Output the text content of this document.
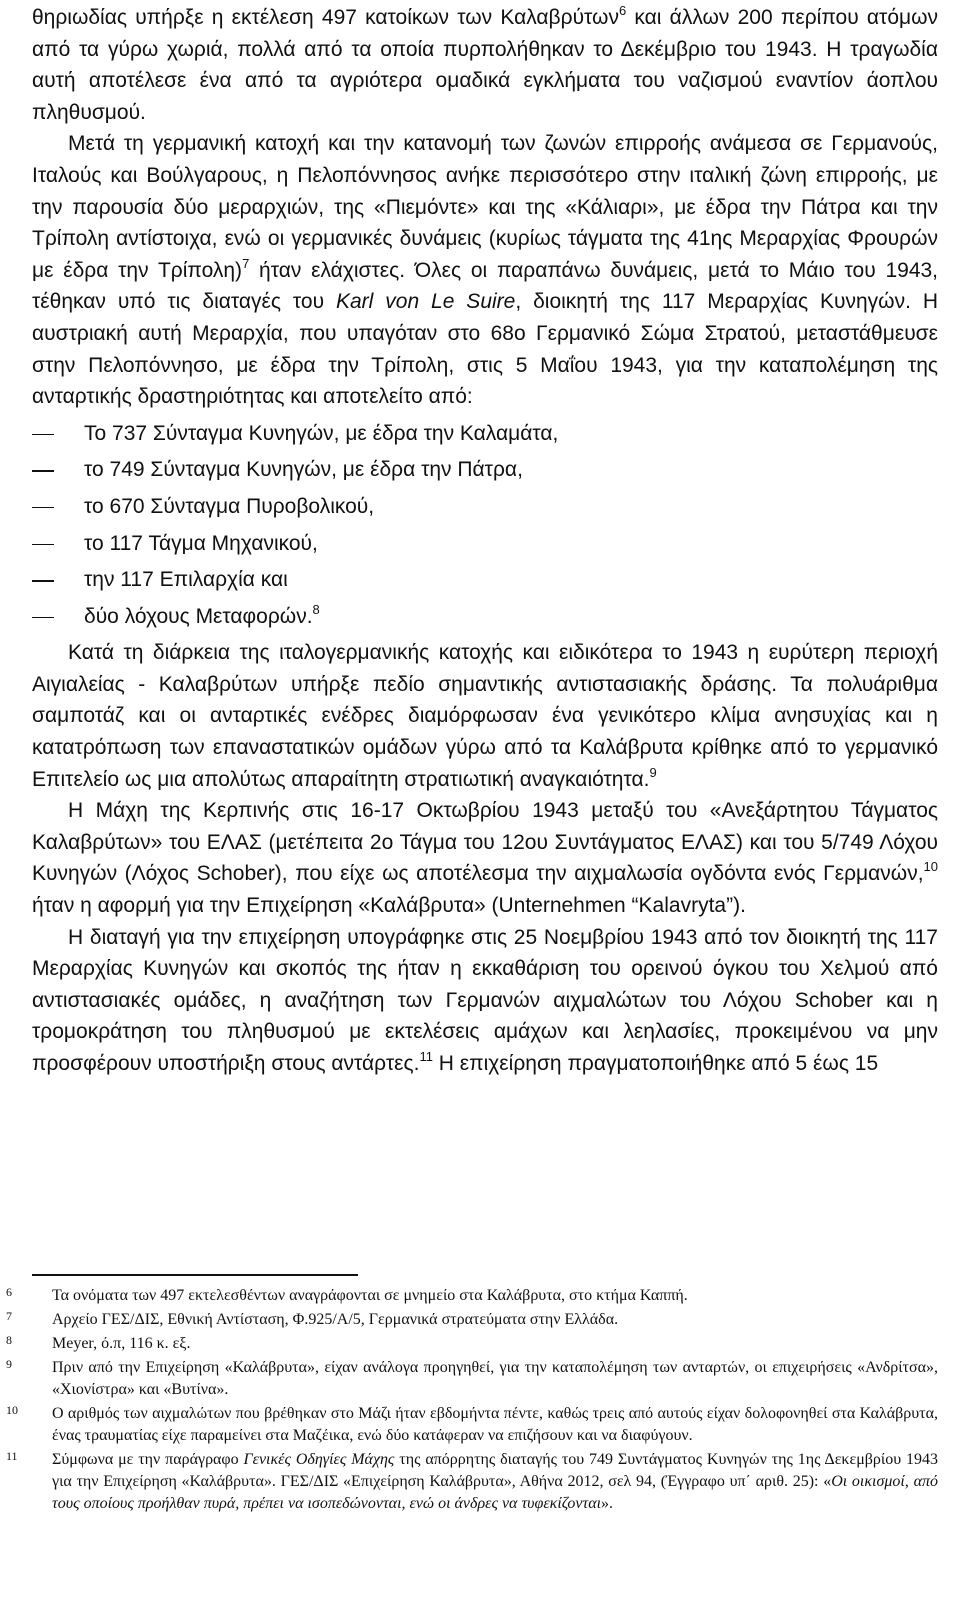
θηριωδίας υπήρξε η εκτέλεση 497 κατοίκων των Καλαβρύτων$^6$ και άλλων 200 περίπου ατόμων από τα γύρω χωριά, πολλά από τα οποία πυρπολήθηκαν το Δεκέμβριο του 1943. Η τραγωδία αυτή αποτέλεσε ένα από τα αγριότερα ομαδικά εγκλήματα του ναζισμού εναντίον άοπλου πληθυσμού.

Μετά τη γερμανική κατοχή και την κατανομή των ζωνών επιρροής ανάμεσα σε Γερμανούς, Ιταλούς και Βούλγαρους, η Πελοπόννησος ανήκε περισσότερο στην ιταλική ζώνη επιρροής, με την παρουσία δύο μεραρχιών, της «Πιεμόντε» και της «Κάλιαρι», με έδρα την Πάτρα και την Τρίπολη αντίστοιχα, ενώ οι γερμανικές δυνάμεις (κυρίως τάγματα της 41ης Μεραρχίας Φρουρών με έδρα την Τρίπολη)$^7$ ήταν ελάχιστες. Όλες οι παραπάνω δυνάμεις, μετά το Μάιο του 1943, τέθηκαν υπό τις διαταγές του Karl von Le Suire, διοικητή της 117 Μεραρχίας Κυνηγών. Η αυστριακή αυτή Μεραρχία, που υπαγόταν στο 68ο Γερμανικό Σώμα Στρατού, μεταστάθμευσε στην Πελοπόννησο, με έδρα την Τρίπολη, στις 5 Μαΐου 1943, για την καταπολέμηση της ανταρτικής δραστηριότητας και αποτελείτο από:

Το 737 Σύνταγμα Κυνηγών, με έδρα την Καλαμάτα,
το 749 Σύνταγμα Κυνηγών, με έδρα την Πάτρα,
το 670 Σύνταγμα Πυροβολικού,
το 117 Τάγμα Μηχανικού,
την 117 Επιλαρχία και
δύο λόχους Μεταφορών.$^8$

Κατά τη διάρκεια της ιταλογερμανικής κατοχής και ειδικότερα το 1943 η ευρύτερη περιοχή Αιγιαλείας - Καλαβρύτων υπήρξε πεδίο σημαντικής αντιστασιακής δράσης. Τα πολυάριθμα σαμποτάζ και οι ανταρτικές ενέδρες διαμόρφωσαν ένα γενικότερο κλίμα ανησυχίας και η κατατρόπωση των επαναστατικών ομάδων γύρω από τα Καλάβρυτα κρίθηκε από το γερμανικό Επιτελείο ως μια απολύτως απαραίτητη στρατιωτική αναγκαιότητα.$^9$

Η Μάχη της Κερπινής στις 16-17 Οκτωβρίου 1943 μεταξύ του «Ανεξάρτητου Τάγματος Καλαβρύτων» του ΕΛΑΣ (μετέπειτα 2ο Τάγμα του 12ου Συντάγματος ΕΛΑΣ) και του 5/749 Λόχου Κυνηγών (Λόχος Schober), που είχε ως αποτέλεσμα την αιχμαλωσία ογδόντα ενός Γερμανών,$^{10}$ ήταν η αφορμή για την Επιχείρηση «Καλάβρυτα» (Unternehmen “Kalavryta”).

Η διαταγή για την επιχείρηση υπογράφηκε στις 25 Νοεμβρίου 1943 από τον διοικητή της 117 Μεραρχίας Κυνηγών και σκοπός της ήταν η εκκαθάριση του ορεινού όγκου του Χελμού από αντιστασιακές ομάδες, η αναζήτηση των Γερμανών αιχμαλώτων του Λόχου Schober και η τρομοκράτηση του πληθυσμού με εκτελέσεις αμάχων και λεηλασίες, προκειμένου να μην προσφέρουν υποστήριξη στους αντάρτες.$^{11}$ Η επιχείρηση πραγματοποιήθηκε από 5 έως 15

6	Τα ονόματα των 497 εκτελεσθέντων αναγράφονται σε μνημείο στα Καλάβρυτα, στο κτήμα Καππή.
7	Αρχείο ΓΕΣ/ΔΙΣ, Εθνική Αντίσταση, Φ.925/Α/5, Γερμανικά στρατεύματα στην Ελλάδα.
8	Meyer, ό.π, 116 κ. εξ.
9	Πριν από την Επιχείρηση «Καλάβρυτα», είχαν ανάλογα προηγηθεί, για την καταπολέμηση των ανταρτών, οι επιχειρήσεις «Ανδρίτσα», «Χιονίστρα» και «Βυτίνα».
10 Ο αριθμός των αιχμαλώτων που βρέθηκαν στο Μάζι ήταν εβδομήντα πέντε, καθώς τρεις από αυτούς είχαν δολοφονηθεί στα Καλάβρυτα, ένας τραυματίας είχε παραμείνει στα Μαζέικα, ενώ δύο κατάφεραν να επιζήσουν και να διαφύγουν.
11 Σύμφωνα με την παράγραφο Γενικές Οδηγίες Μάχης της απόρρητης διαταγής του 749 Συντάγματος Κυνηγών της 1ης Δεκεμβρίου 1943 για την Επιχείρηση «Καλάβρυτα». ΓΕΣ/ΔΙΣ «Επιχείρηση Καλάβρυτα», Αθήνα 2012, σελ 94, (Έγγραφο υπ΄ αριθ. 25): «Οι οικισμοί, από τους οποίους προήλθαν πυρά, πρέπει να ισοπεδώνονται, ενώ οι άνδρες να τυφεκίζονται».
